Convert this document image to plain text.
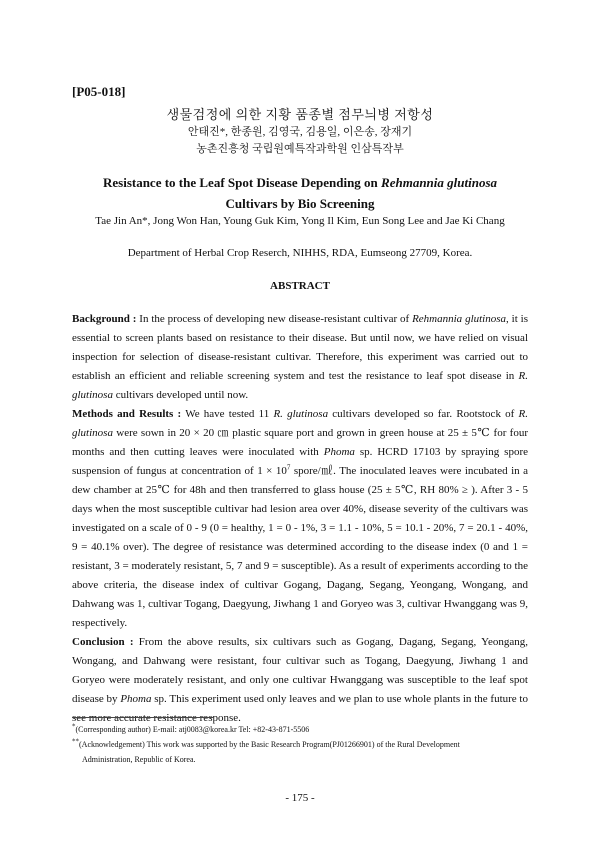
[P05-018]
생물검정에 의한 지황 품종별 점무늬병 저항성
안태진*, 한종원, 김영국, 김용일, 이은송, 장재기
농촌진흥청 국립원예특작과학원 인삼특작부
Resistance to the Leaf Spot Disease Depending on Rehmannia glutinosa
Cultivars by Bio Screening
Tae Jin An*, Jong Won Han, Young Guk Kim, Yong Il Kim, Eun Song Lee and Jae Ki Chang
Department of Herbal Crop Reserch, NIHHS, RDA, Eumseong 27709, Korea.
ABSTRACT

Background : In the process of developing new disease-resistant cultivar of Rehmannia glutinosa, it is essential to screen plants based on resistance to their disease. But until now, we have relied on visual inspection for selection of disease-resistant cultivar. Therefore, this experiment was carried out to establish an efficient and reliable screening system and test the resistance to leaf spot disease in R. glutinosa cultivars developed until now.

Methods and Results : We have tested 11 R. glutinosa cultivars developed so far. Rootstock of R. glutinosa were sown in 20 × 20 ㎝ plastic square port and grown in green house at 25 ± 5℃ for four months and then cutting leaves were inoculated with Phoma sp. HCRD 17103 by spraying spore suspension of fungus at concentration of $1 \times 10^7$ spore/㎖. The inoculated leaves were incubated in a dew chamber at 25℃ for 48h and then transferred to glass house (25 ± 5℃, RH 80% ≥ ). After 3 - 5 days when the most susceptible cultivar had lesion area over 40%, disease severity of the cultivars was investigated on a scale of 0 - 9 (0 = healthy, 1 = 0 - 1%, 3 = 1.1 - 10%, 5 = 10.1 - 20%, 7 = 20.1 - 40%, 9 = 40.1% over). The degree of resistance was determined according to the disease index (0 and 1 = resistant, 3 = moderately resistant, 5, 7 and 9 = susceptible). As a result of experiments according to the above criteria, the disease index of cultivar Gogang, Dagang, Segang, Yeongang, Wongang, and Dahwang was 1, cultivar Togang, Daegyung, Jiwhang 1 and Goryeo was 3, cultivar Hwanggang was 9, respectively.

Conclusion : From the above results, six cultivars such as Gogang, Dagang, Segang, Yeongang, Wongang, and Dahwang were resistant, four cultivar such as Togang, Daegyung, Jiwhang 1 and Goryeo were moderately resistant, and only one cultivar Hwanggang was susceptible to the leaf spot disease by Phoma sp. This experiment used only leaves and we plan to use whole plants in the future to see more accurate resistance response.

*(Corresponding author) E-mail: atj0083@korea.kr Tel: +82-43-871-5506
**(Acknowledgement) This work was supported by the Basic Research Program(PJ01266901) of the Rural Development
Administration, Republic of Korea.
- 175 -
